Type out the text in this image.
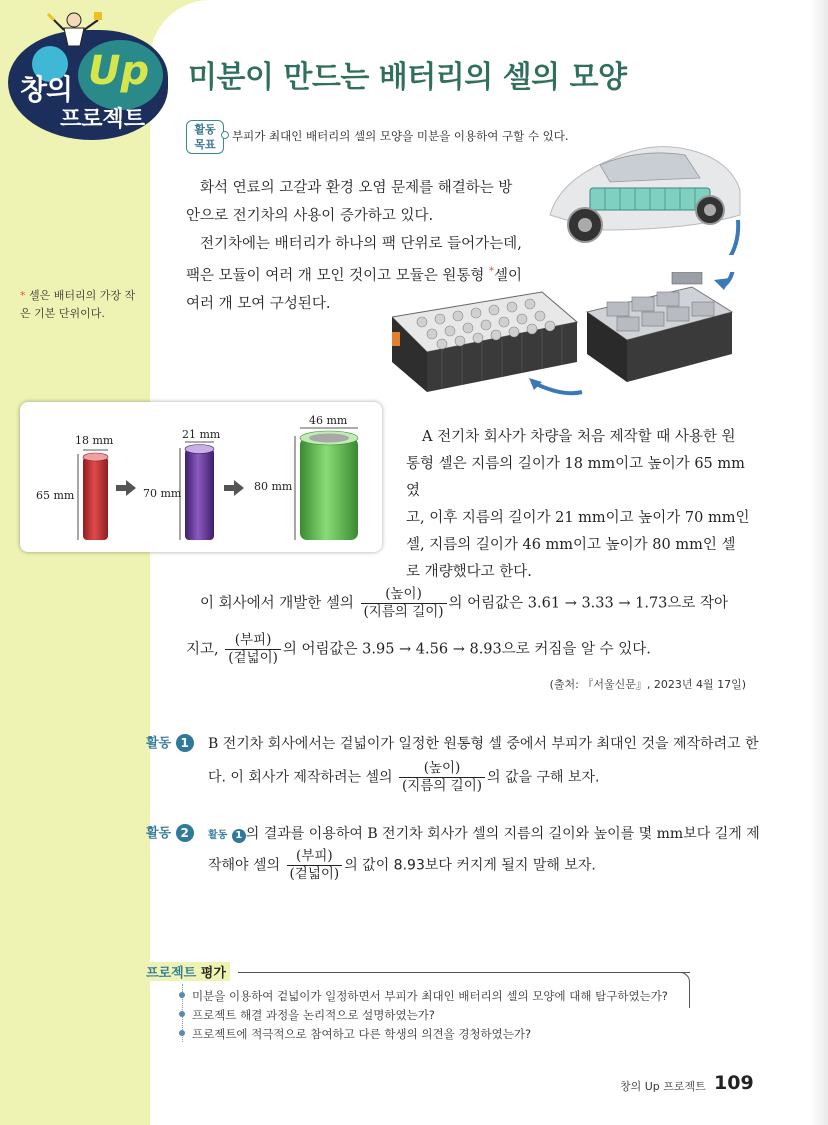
창의 Up
프로젝트
미분이 만드는 배터리의 셀의 모양
활동
목표
부피가 최대인 배터리의 셀의 모양을 미분을 이용하여 구할 수 있다.

화석 연료의 고갈과 환경 오염 문제를 해결하는 방안으로 전기차의 사용이 증가하고 있다.

전기차에는 배터리가 하나의 팩 단위로 들어가는데, 팩은 모듈이 여러 개 모인 것이고 모듈은 원통형 *셀이 여러 개 모여 구성된다.

* 셀은 배터리의 가장 작은 기본 단위이다.
18 mm
65 mm
21 mm
70 mm
46 mm
80 mm
A 전기차 회사가 차량을 처음 제작할 때 사용한 원
통형 셀은 지름의 길이가 18 mm이고 높이가 65 mm였
고, 이후 지름의 길이가 21 mm이고 높이가 70 mm인
셀, 지름의 길이가 46 mm이고 높이가 80 mm인 셀
로 개량했다고 한다.
이 회사에서 개발한 셀의 $\frac{\text{(높이)}}{\text{(지름의 길이)}}$ 의 어림값은 3.61 → 3.33 → 1.73으로 작아
지고, $\frac{\text{(부피)}}{\text{(겉넓이)}}$ 의 어림값은 3.95 → 4.56 → 8.93으로 커짐을 알 수 있다.
(출처: 『서울신문』, 2023년 4월 17일)
활동 1	B 전기차 회사에서는 겉넓이가 일정한 원통형 셀 중에서 부피가 최대인 것을 제작하려고 한
다. 이 회사가 제작하려는 셀의 $\frac{\text{(높이)}}{\text{(지름의 길이)}}$ 의 값을 구해 보자.
활동 2	활동 1 의 결과를 이용하여 B 전기차 회사가 셀의 지름의 길이와 높이를 몇 mm보다 길게 제
작해야 셀의 $\frac{\text{(부피)}}{\text{(겉넓이)}}$ 의 값이 8.93보다 커지게 될지 말해 보자.
프로젝트 평가
미분을 이용하여 겉넓이가 일정하면서 부피가 최대인 배터리의 셀의 모양에 대해 탐구하였는가?
프로젝트 해결 과정을 논리적으로 설명하였는가?
프로젝트에 적극적으로 참여하고 다른 학생의 의견을 경청하였는가?
창의 Up 프로젝트 109
